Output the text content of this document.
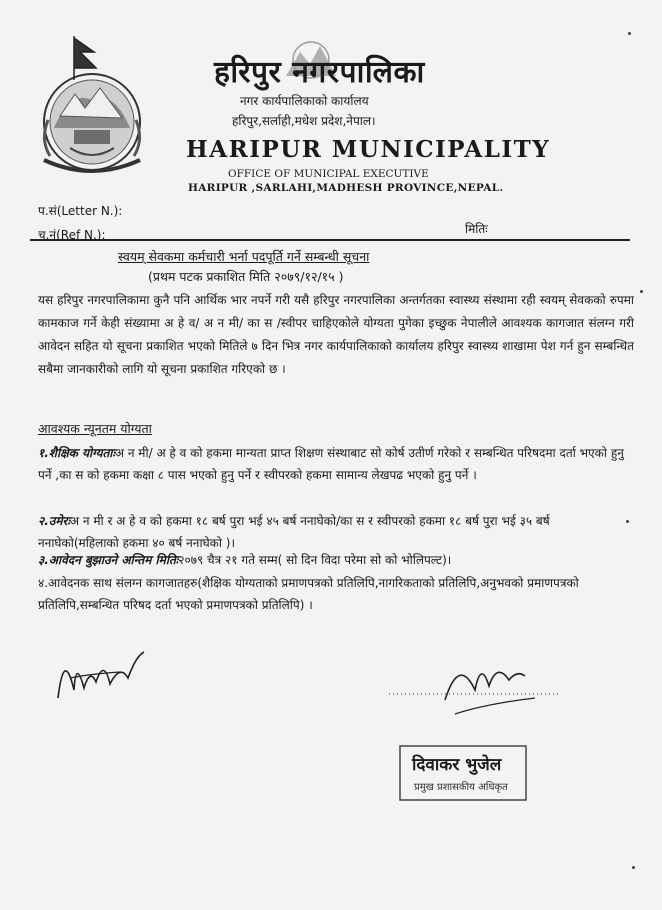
हरिपुर नगरपालिका
नगर कार्यपालिकाको कार्यालय
हरिपुर,सर्लाही,मधेश प्रदेश,नेपाल।
HARIPUR MUNICIPALITY
OFFICE OF MUNICIPAL EXECUTIVE
HARIPUR ,SARLAHI,MADHESH PROVINCE,NEPAL.
प.सं(Letter N.):
च.नं(Ref N.):	मितिः
स्वयम् सेवकमा कर्मचारी भर्ना पदपूर्ति गर्ने सम्बन्धी सूचना
(प्रथम पटक प्रकाशित मिति २०७९/१२/१५ )
यस हरिपुर नगरपालिकामा कुनै पनि आर्थिक भार नपर्ने गरी यसै हरिपुर नगरपालिका अन्तर्गतका स्वास्थ्य संस्थामा रही स्वयम् सेवकको रुपमा कामकाज गर्ने केही संख्यामा अ हे व/ अ न मी/ का स /स्वीपर चाहिएकोले योग्यता पुगेका इच्छुक नेपालीले आवश्यक कागजात संलग्न गरी आवेदन सहित यो सूचना प्रकाशित भएको मितिले ७ दिन भित्र नगर कार्यपालिकाको कार्यालय हरिपुर स्वास्थ्य शाखामा पेश गर्न हुन सम्बन्धित सबैमा जानकारीको लागि यो सूचना प्रकाशित गरिएको छ ।
आवश्यक न्यूनतम योग्यता
१.शैक्षिक योग्यताःअ न मी/ अ हे व को हकमा मान्यता प्राप्त शिक्षण संस्थाबाट सो कोर्ष उतीर्ण गरेको र सम्बन्धित परिषदमा दर्ता भएको हुनु पर्ने ,का स को हकमा कक्षा ८ पास भएको हुनु पर्ने र स्वीपरको हकमा सामान्य लेखपढ भएको हुनु पर्ने ।
२.उमेरःअ न मी र अ हे व को हकमा १८ बर्ष पुरा भई ४५ बर्ष ननाघेको/का स र स्वीपरको हकमा १८ बर्ष पुरा भई ३५ बर्ष ननाघेको(महिलाको हकमा ४० बर्ष ननाघेको )।
३.आवेदन बुझाउने अन्तिम मितिः२०७९ चैत्र २१ गते सम्म( सो दिन विदा परेमा सो को भोलिपल्ट)।
४.आवेदनक साथ संलग्न कागजातहरु(शैक्षिक योग्यताको प्रमाणपत्रको प्रतिलिपि,नागरिकताको प्रतिलिपि,अनुभवको प्रमाणपत्रको प्रतिलिपि,सम्बन्धित परिषद दर्ता भएको प्रमाणपत्रको प्रतिलिपि) ।
दिवाकर भुजेल
प्रमुख प्रशासकीय अधिकृत
